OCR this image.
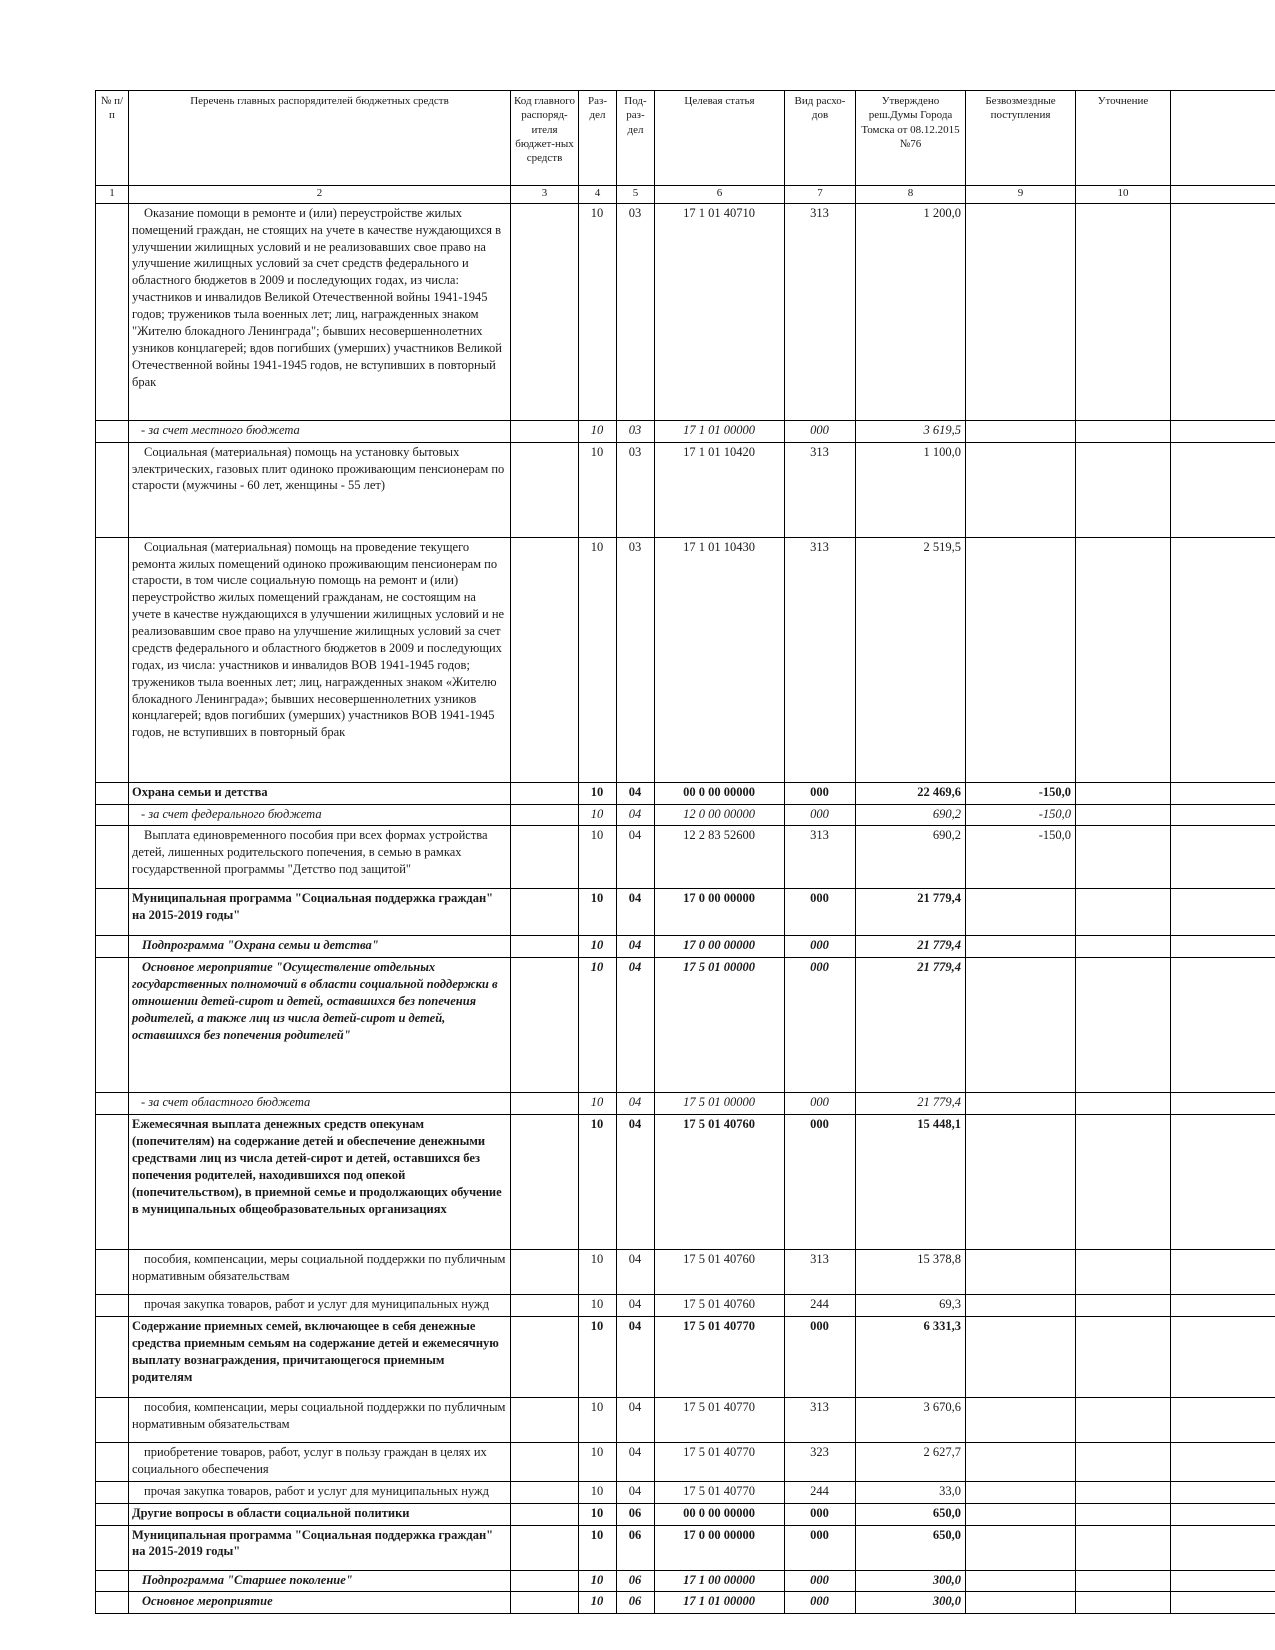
№ п/п	Перечень главных распорядителей бюджетных средств	Код главного распоряд-ителя бюджет-ных средств	Раз-дел	Под-раз-дел	Целевая статья	Вид расхо-дов	Утверждено реш.Думы Города Томска от 08.12.2015 №76	Безвозмездные поступления	Уточнение	
1	2	3	4	5	6	7	8	9	10	
	Оказание помощи в ремонте и (или) переустройстве жилых помещений граждан, не стоящих на учете в качестве нуждающихся в улучшении жилищных условий и не реализовавших свое право на улучшение жилищных условий за счет средств федерального и областного бюджетов в 2009 и последующих годах, из числа: участников и инвалидов Великой Отечественной войны 1941-1945 годов; тружеников тыла военных лет; лиц, награжденных знаком "Жителю блокадного Ленинграда"; бывших несовершеннолетних узников концлагерей; вдов погибших (умерших) участников Великой Отечественной войны 1941-1945 годов, не вступивших в повторный брак		10	03	17 1 01 40710	313	1 200,0			
	- за счет местного бюджета		10	03	17 1 01 00000	000	3 619,5			
	Социальная (материальная) помощь на установку бытовых электрических, газовых плит одиноко проживающим пенсионерам по старости (мужчины - 60 лет, женщины - 55 лет)		10	03	17 1 01 10420	313	1 100,0			
	Социальная (материальная) помощь на проведение текущего ремонта жилых помещений одиноко проживающим пенсионерам по старости, в том числе социальную помощь на ремонт и (или) переустройство жилых помещений гражданам, не состоящим на учете в качестве нуждающихся в улучшении жилищных условий и не реализовавшим свое право на улучшение жилищных условий за счет средств федерального и областного бюджетов в 2009 и последующих годах, из числа: участников и инвалидов ВОВ 1941-1945 годов; тружеников тыла военных лет; лиц, награжденных знаком «Жителю блокадного Ленинграда»; бывших несовершеннолетних узников концлагерей; вдов погибших (умерших) участников ВОВ 1941-1945 годов, не вступивших в повторный брак		10	03	17 1 01 10430	313	2 519,5			
	Охрана семьи и детства		10	04	00 0 00 00000	000	22 469,6	-150,0		
	- за счет федерального бюджета		10	04	12 0 00 00000	000	690,2	-150,0		
	Выплата единовременного пособия при всех формах устройства детей, лишенных родительского попечения, в семью в рамках государственной программы "Детство под защитой"		10	04	12 2 83 52600	313	690,2	-150,0		
	Муниципальная программа "Социальная поддержка граждан" на 2015-2019 годы"		10	04	17 0 00 00000	000	21 779,4			
	Подпрограмма "Охрана семьи и детства"		10	04	17 0 00 00000	000	21 779,4			
	Основное мероприятие "Осуществление отдельных государственных полномочий в области социальной поддержки в отношении детей-сирот и детей, оставшихся без попечения родителей, а также лиц из числа детей-сирот и детей, оставшихся без попечения родителей"		10	04	17 5 01 00000	000	21 779,4			
	- за счет областного бюджета		10	04	17 5 01 00000	000	21 779,4			
	Ежемесячная выплата денежных средств опекунам (попечителям) на содержание детей и обеспечение денежными средствами лиц из числа детей-сирот и детей, оставшихся без попечения родителей, находившихся под опекой (попечительством), в приемной семье и продолжающих обучение в муниципальных общеобразовательных организациях		10	04	17 5 01 40760	000	15 448,1			
	пособия, компенсации, меры социальной поддержки по публичным нормативным обязательствам		10	04	17 5 01 40760	313	15 378,8			
	прочая закупка товаров, работ и услуг для муниципальных нужд		10	04	17 5 01 40760	244	69,3			
	Содержание приемных семей, включающее в себя денежные средства приемным семьям на содержание детей и ежемесячную выплату вознаграждения, причитающегося приемным родителям		10	04	17 5 01 40770	000	6 331,3			
	пособия, компенсации, меры социальной поддержки по публичным нормативным обязательствам		10	04	17 5 01 40770	313	3 670,6			
	приобретение товаров, работ, услуг в пользу граждан в целях их социального обеспечения		10	04	17 5 01 40770	323	2 627,7			
	прочая закупка товаров, работ и услуг для муниципальных нужд		10	04	17 5 01 40770	244	33,0			
	Другие вопросы в области социальной политики		10	06	00 0 00 00000	000	650,0			
	Муниципальная программа "Социальная поддержка граждан" на 2015-2019 годы"		10	06	17 0 00 00000	000	650,0			
	Подпрограмма "Старшее поколение"		10	06	17 1 00 00000	000	300,0			
	Основное мероприятие		10	06	17 1 01 00000	000	300,0			
